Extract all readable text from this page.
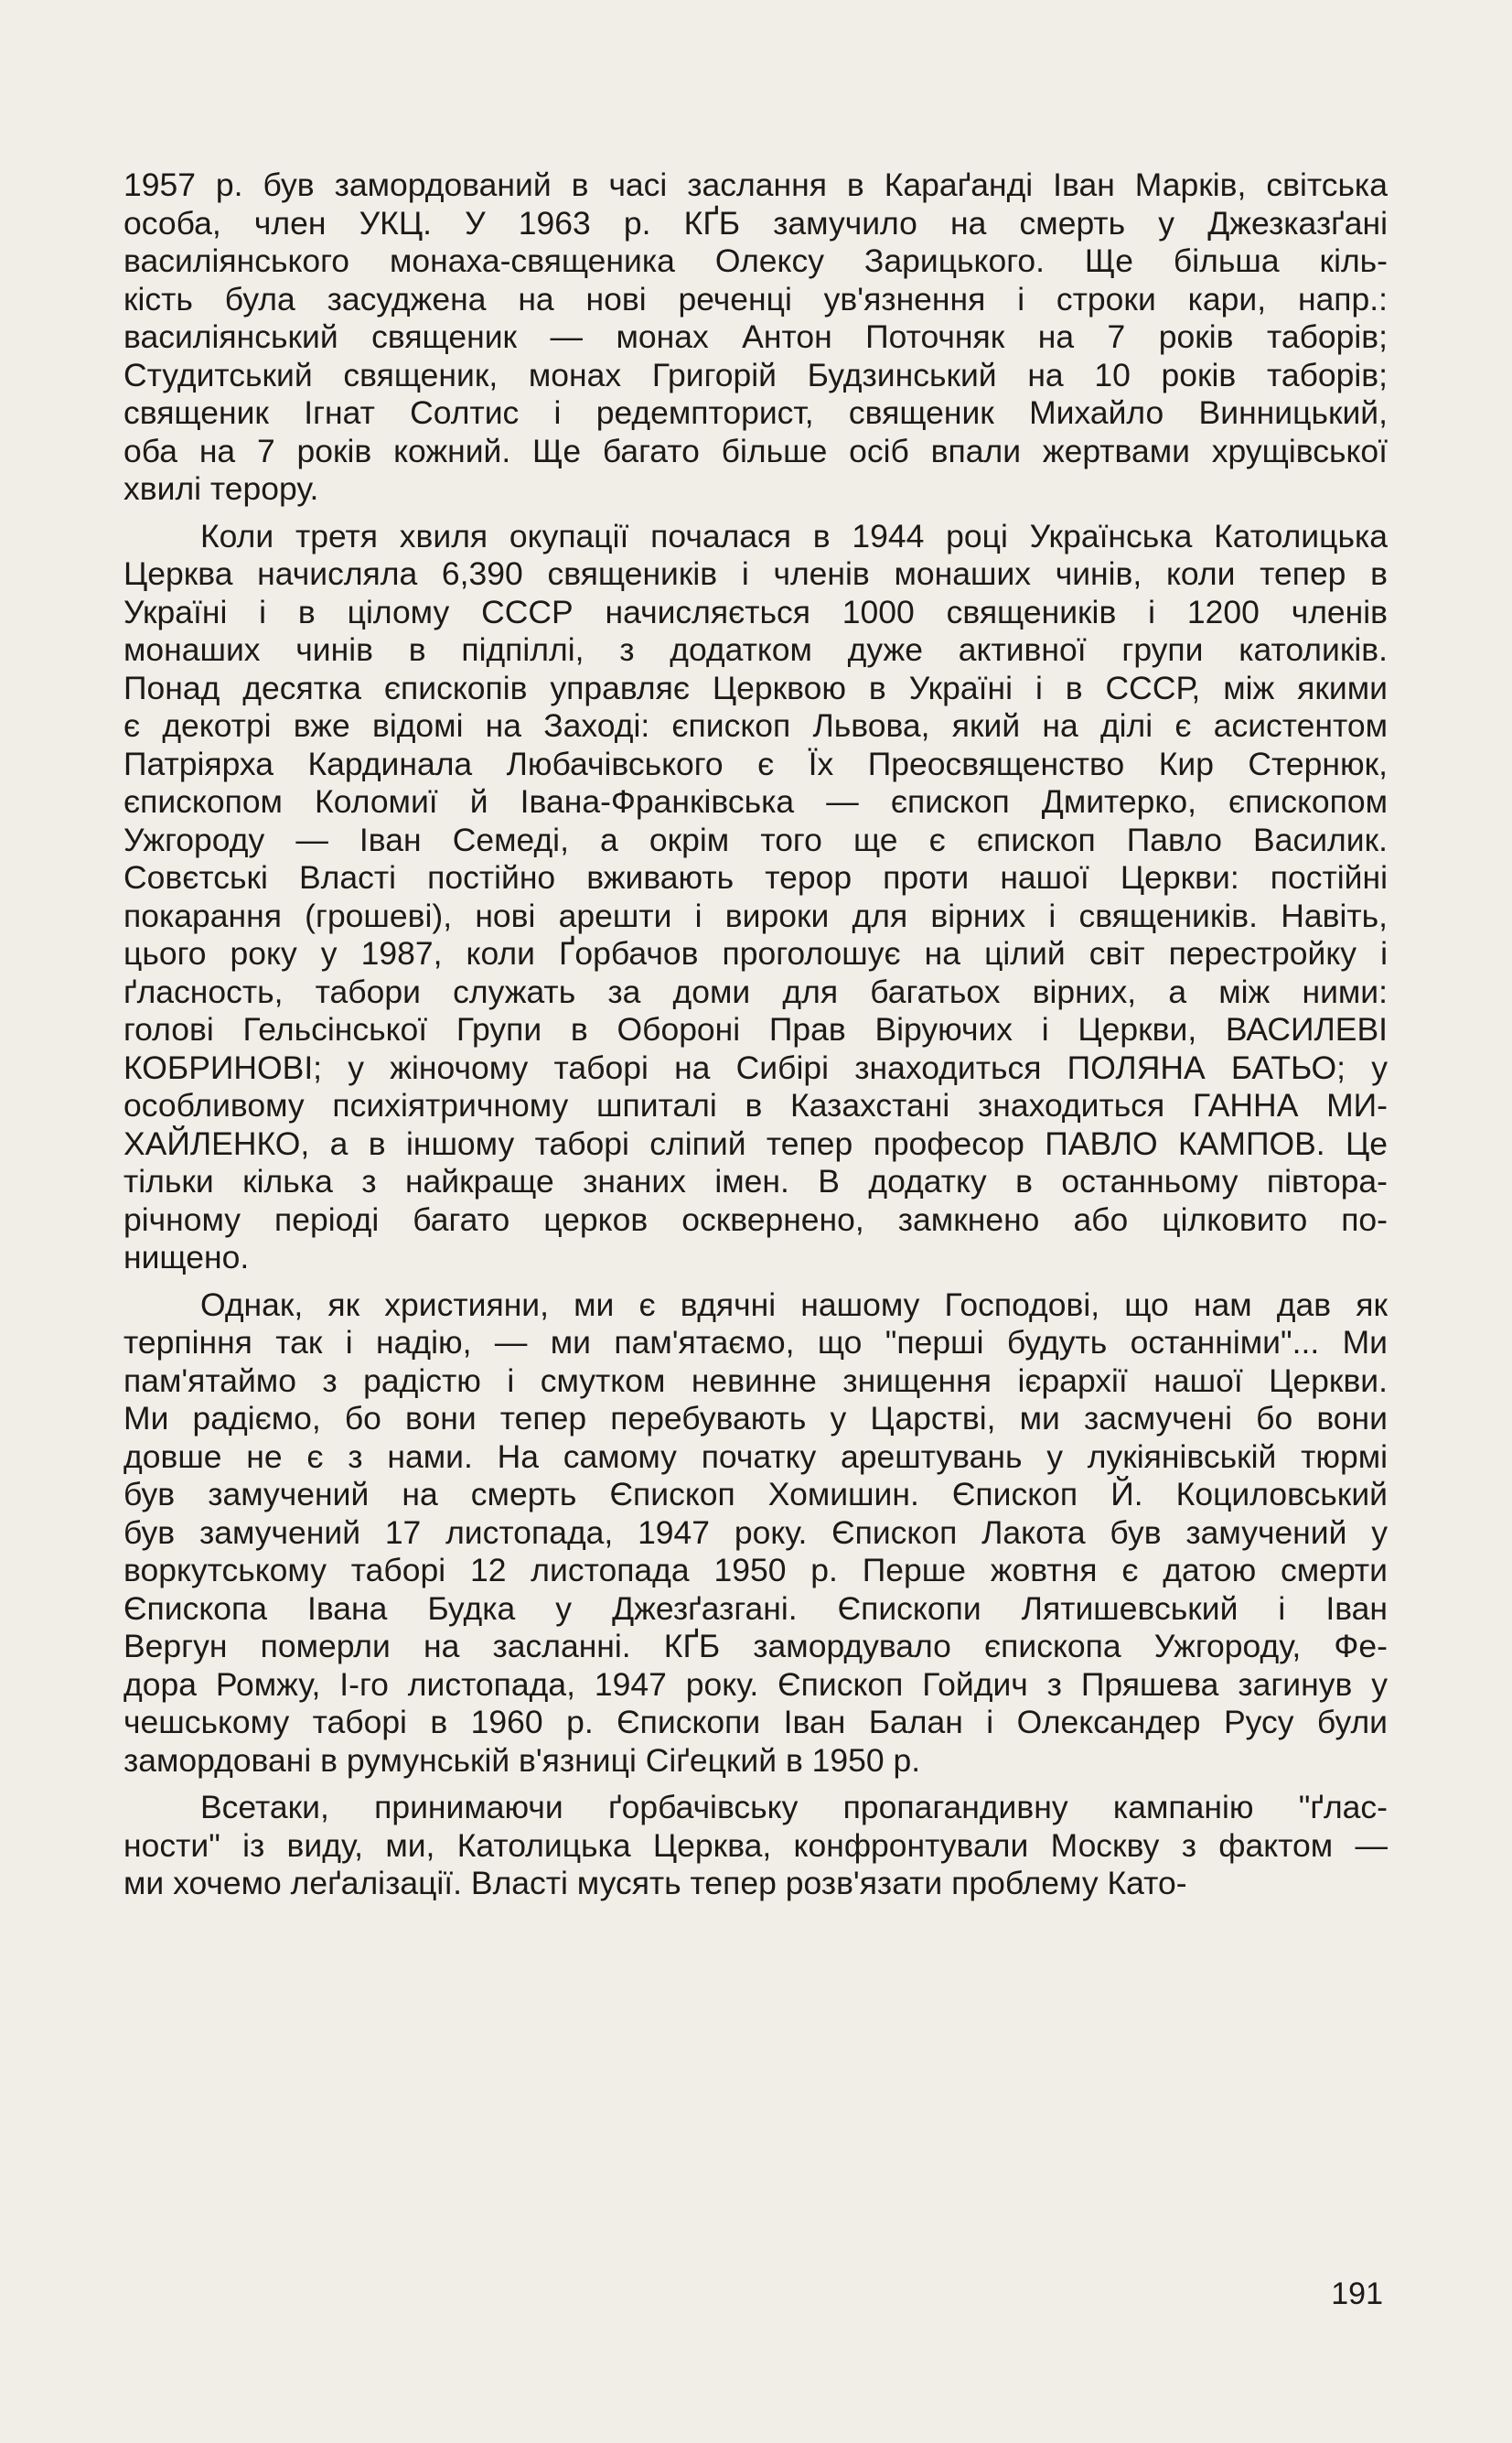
1957 р. був замордований в часі заслання в Караґанді Іван Марків, світська
особа, член УКЦ. У 1963 р. КҐБ замучило на смерть у Джезказґані
василіянського монаха-священика Олексу Зарицького. Ще більша кіль-
кість була засуджена на нові реченці ув'язнення і строки кари, напр.:
василіянський священик — монах Антон Поточняк на 7 років таборів;
Студитський священик, монах Григорій Будзинський на 10 років таборів;
священик Ігнат Солтис і редемпторист, священик Михайло Винницький,
оба на 7 років кожний. Ще багато більше осіб впали жертвами хрущівської
хвилі терору.
Коли третя хвиля окупації почалася в 1944 році Українська Католицька
Церква начисляла 6,390 священиків і членів монаших чинів, коли тепер в
Україні і в цілому СССР начисляється 1000 священиків і 1200 членів
монаших чинів в підпіллі, з додатком дуже активної групи католиків.
Понад десятка єпископів управляє Церквою в Україні і в СССР, між якими
є декотрі вже відомі на Заході: єпископ Львова, який на ділі є асистентом
Патріярха Кардинала Любачівського є Їх Преосвященство Кир Стернюк,
єпископом Коломиї й Івана-Франківська — єпископ Дмитерко, єпископом
Ужгороду — Іван Семеді, а окрім того ще є єпископ Павло Василик.
Совєтські Власті постійно вживають терор проти нашої Церкви: постійні
покарання (грошеві), нові арешти і вироки для вірних і священиків. Навіть,
цього року у 1987, коли Ґорбачов проголошує на цілий світ перестройку і
ґласность, табори служать за доми для багатьох вірних, а між ними:
голові Гельсінської Групи в Обороні Прав Віруючих і Церкви, ВАСИЛЕВІ
КОБРИНОВІ; у жіночому таборі на Сибірі знаходиться ПОЛЯНА БАТЬО; у
особливому психіятричному шпиталі в Казахстані знаходиться ГАННА МИ-
ХАЙЛЕНКО, а в іншому таборі сліпий тепер професор ПАВЛО КАМПОВ. Це
тільки кілька з найкраще знаних імен. В додатку в останньому півтора-
річному періоді багато церков осквернено, замкнено або цілковито по-
нищено.
Однак, як християни, ми є вдячні нашому Господові, що нам дав як
терпіння так і надію, — ми пам'ятаємо, що "перші будуть останніми"... Ми
пам'ятаймо з радістю і смутком невинне знищення ієрархії нашої Церкви.
Ми радіємо, бо вони тепер перебувають у Царстві, ми засмучені бо вони
довше не є з нами. На самому початку арештувань у лукіянівській тюрмі
був замучений на смерть Єпископ Хомишин. Єпископ Й. Коциловський
був замучений 17 листопада, 1947 року. Єпископ Лакота був замучений у
воркутському таборі 12 листопада 1950 р. Перше жовтня є датою смерти
Єпископа Івана Будка у Джезґазгані. Єпископи Лятишевський і Іван
Вергун померли на засланні. КҐБ замордувало єпископа Ужгороду, Фе-
дора Ромжу, І-го листопада, 1947 року. Єпископ Гойдич з Пряшева загинув у
чешському таборі в 1960 р. Єпископи Іван Балан і Олександер Русу були
замордовані в румунській в'язниці Сіґецкий в 1950 р.
Всетаки, принимаючи ґорбачівську пропагандивну кампанію "ґлас-
ности" із виду, ми, Католицька Церква, конфронтували Москву з фактом —
ми хочемо леґалізації. Власті мусять тепер розв'язати проблему Като-
191
